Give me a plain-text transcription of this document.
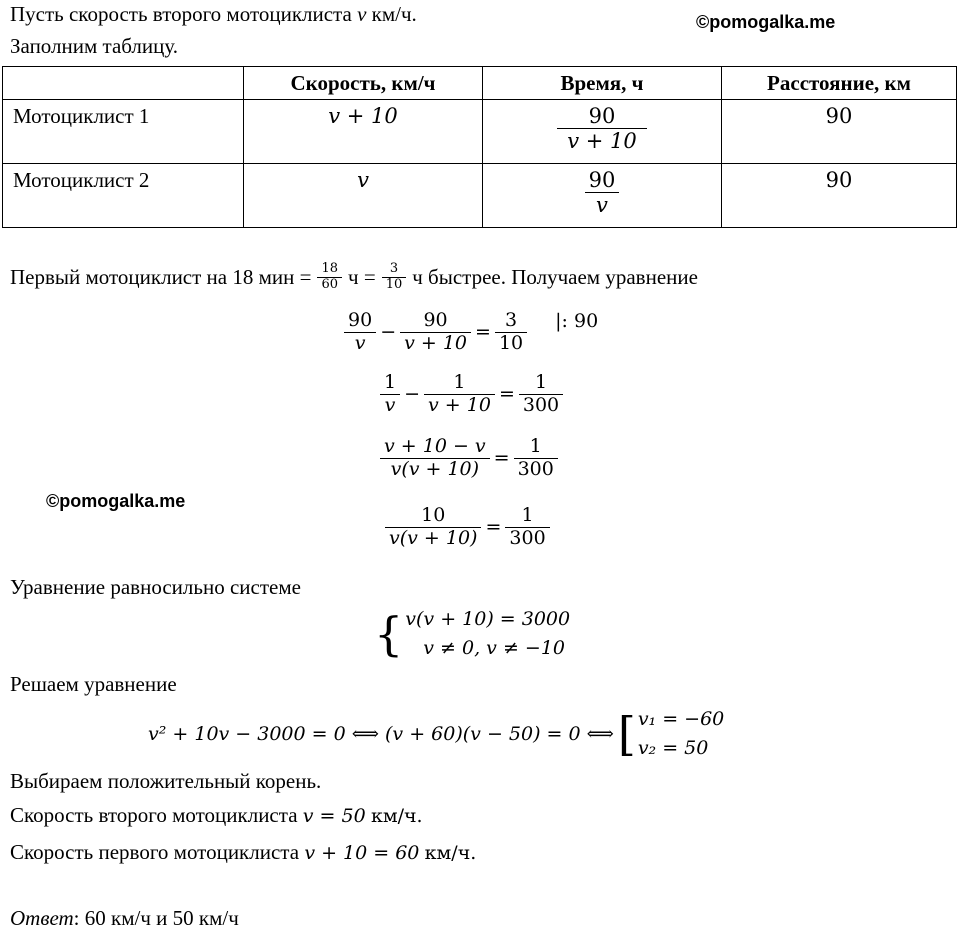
Пусть скорость второго мотоциклиста v км/ч.
Заполним таблицу.
©pomogalka.me
	Скорость, км/ч	Время, ч	Расстояние, км
Мотоциклист 1	v + 10	$\frac{90}{v + 10}$	90
Мотоциклист 2	v	$\frac{90}{v}$	90
Первый мотоциклист на 18 мин = $\frac{18}{60}$ $ч = \frac{3}{10}$ ч быстрее. Получаем уравнение
$\frac{90}{v} - \frac{90}{v + 10} = \frac{3}{10}$ |: 90
$\frac{1}{v} - \frac{1}{v + 10} = \frac{1}{300}$
$\frac{v + 10 - v}{v(v + 10)} = \frac{1}{300}$
©pomogalka.me
$\frac{10}{v(v + 10)} = \frac{1}{300}$
Уравнение равносильно системе
{ v(v + 10) = 3000
v ≠ 0, v ≠ −10
Решаем уравнение
v² + 10v − 3000 = 0 ⟺ (v + 60)(v − 50) = 0 ⟺ [ v₁ = −60
v₂ = 50
Выбираем положительный корень.
Скорость второго мотоциклиста v = 50 км/ч.
Скорость первого мотоциклиста v + 10 = 60 км/ч.
Ответ: 60 км/ч и 50 км/ч
